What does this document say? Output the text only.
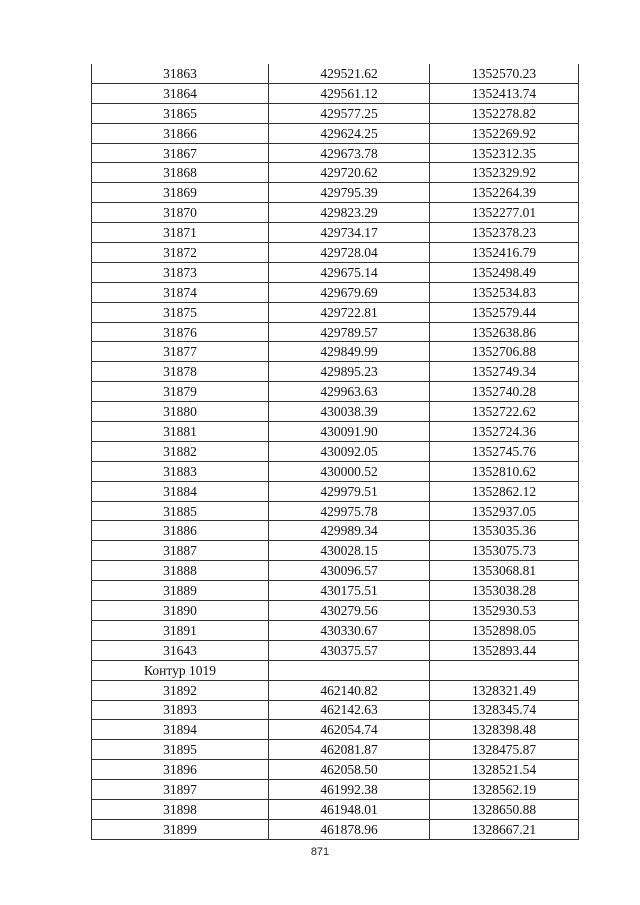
31863	429521.62	1352570.23
31864	429561.12	1352413.74
31865	429577.25	1352278.82
31866	429624.25	1352269.92
31867	429673.78	1352312.35
31868	429720.62	1352329.92
31869	429795.39	1352264.39
31870	429823.29	1352277.01
31871	429734.17	1352378.23
31872	429728.04	1352416.79
31873	429675.14	1352498.49
31874	429679.69	1352534.83
31875	429722.81	1352579.44
31876	429789.57	1352638.86
31877	429849.99	1352706.88
31878	429895.23	1352749.34
31879	429963.63	1352740.28
31880	430038.39	1352722.62
31881	430091.90	1352724.36
31882	430092.05	1352745.76
31883	430000.52	1352810.62
31884	429979.51	1352862.12
31885	429975.78	1352937.05
31886	429989.34	1353035.36
31887	430028.15	1353075.73
31888	430096.57	1353068.81
31889	430175.51	1353038.28
31890	430279.56	1352930.53
31891	430330.67	1352898.05
31643	430375.57	1352893.44
Контур 1019		
31892	462140.82	1328321.49
31893	462142.63	1328345.74
31894	462054.74	1328398.48
31895	462081.87	1328475.87
31896	462058.50	1328521.54
31897	461992.38	1328562.19
31898	461948.01	1328650.88
31899	461878.96	1328667.21
871
